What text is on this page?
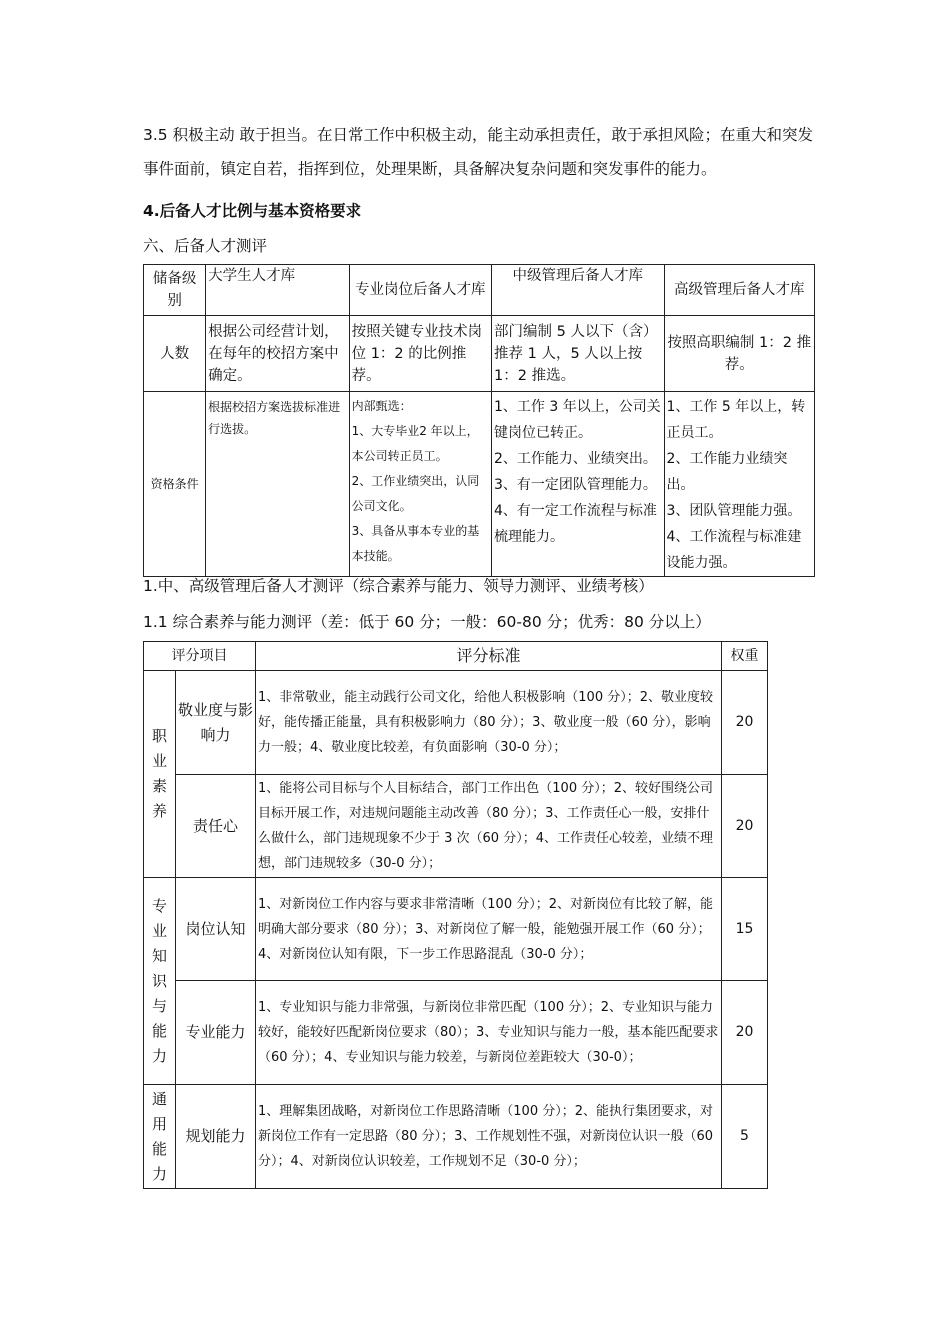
3.5 积极主动 敢于担当。在日常工作中积极主动，能主动承担责任，敢于承担风险；在重大和突发事件面前，镇定自若，指挥到位，处理果断，具备解决复杂问题和突发事件的能力。

4.后备人才比例与基本资格要求

六、后备人才测评

储备级别	大学生人才库	专业岗位后备人才库	中级管理后备人才库	高级管理后备人才库
人数	根据公司经营计划，在每年的校招方案中确定。	按照关键专业技术岗位 1：2 的比例推荐。	部门编制 5 人以下（含）推荐 1 人，5 人以上按 1：2 推选。	按照高职编制 1：2 推荐。
资格条件	根据校招方案选拔标准进行选拔。	内部甄选：
1、大专毕业2 年以上，本公司转正员工。
2、工作业绩突出，认同公司文化。
3、具备从事本专业的基本技能。	1、工作 3 年以上，公司关键岗位已转正。
2、工作能力、业绩突出。
3、有一定团队管理能力。
4、有一定工作流程与标准梳理能力。	1、工作 5 年以上，转正员工。
2、工作能力业绩突出。
3、团队管理能力强。
4、工作流程与标准建设能力强。

1.中、高级管理后备人才测评（综合素养与能力、领导力测评、业绩考核）

1.1 综合素养与能力测评（差：低于 60 分；一般：60-80 分；优秀：80 分以上）

评分项目		评分标准	权重

职业素养	敬业度与影响力	1、非常敬业，能主动践行公司文化，给他人积极影响（100 分）；2、敬业度较好，能传播正能量，具有积极影响力（80 分）；3、敬业度一般（60 分），影响力一般；4、敬业度比较差，有负面影响（30-0 分）；	20
	责任心	1、能将公司目标与个人目标结合，部门工作出色（100 分）；2、较好围绕公司目标开展工作，对违规问题能主动改善（80 分）；3、工作责任心一般，安排什么做什么，部门违规现象不少于 3 次（60 分）；4、工作责任心较差，业绩不理想，部门违规较多（30-0 分）；	20

专业知识与能力	岗位认知	1、对新岗位工作内容与要求非常清晰（100 分）；2、对新岗位有比较了解，能明确大部分要求（80 分）；3、对新岗位了解一般，能勉强开展工作（60 分）；4、对新岗位认知有限，下一步工作思路混乱（30-0 分）；	15
	专业能力	1、专业知识与能力非常强，与新岗位非常匹配（100 分）；2、专业知识与能力较好，能较好匹配新岗位要求（80）；3、专业知识与能力一般，基本能匹配要求（60 分）；4、专业知识与能力较差，与新岗位差距较大（30-0）；	20

通用能力	规划能力	1、理解集团战略，对新岗位工作思路清晰（100 分）；2、能执行集团要求，对新岗位工作有一定思路（80 分）；3、工作规划性不强，对新岗位认识一般（60 分）；4、对新岗位认识较差，工作规划不足（30-0 分）；	5
